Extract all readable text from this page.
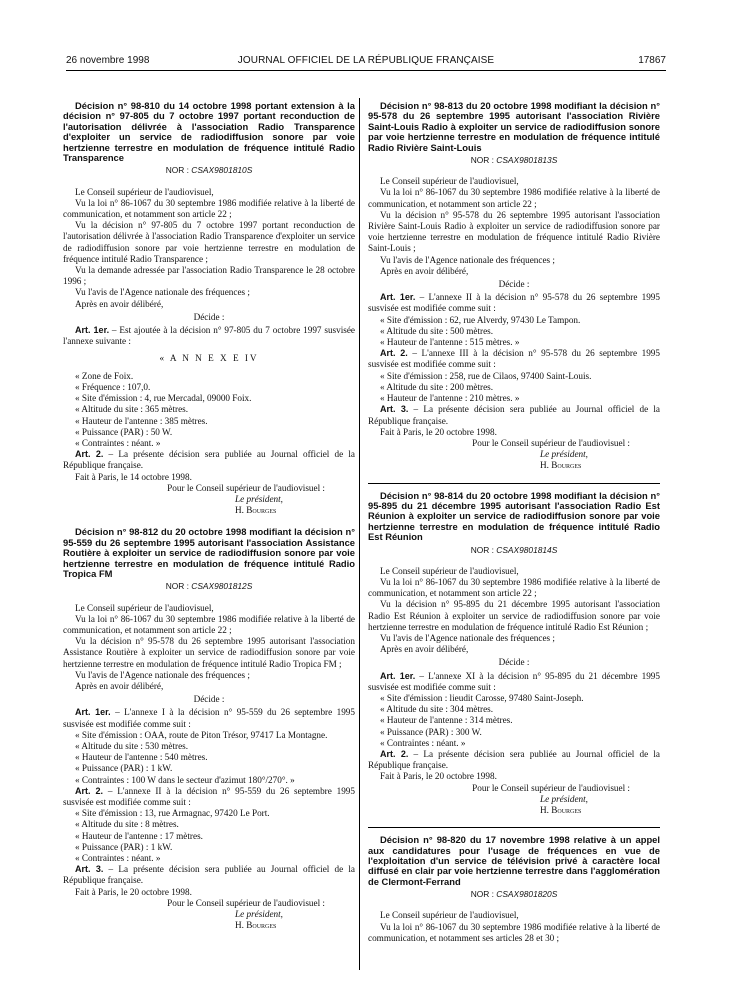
JOURNAL OFFICIEL DE LA RÉPUBLIQUE FRANÇAISE
26 novembre 1998	17867

Décision n° 98-810 du 14 octobre 1998 portant extension à la décision n° 97-805 du 7 octobre 1997 portant reconduction de l'autorisation délivrée à l'association Radio Transparence d'exploiter un service de radiodiffusion sonore par voie hertzienne terrestre en modulation de fréquence intitulé Radio Transparence

NOR : CSAX9801810S

Le Conseil supérieur de l'audiovisuel,

Vu la loi n° 86-1067 du 30 septembre 1986 modifiée relative à la liberté de communication, et notamment son article 22 ;

Vu la décision n° 97-805 du 7 octobre 1997 portant reconduction de l'autorisation délivrée à l'association Radio Transparence d'exploiter un service de radiodiffusion sonore par voie hertzienne terrestre en modulation de fréquence intitulé Radio Transparence ;

Vu la demande adressée par l'association Radio Transparence le 28 octobre 1996 ;

Vu l'avis de l'Agence nationale des fréquences ;

Après en avoir délibéré,

Décide :

Art. 1er. – Est ajoutée à la décision n° 97-805 du 7 octobre 1997 susvisée l'annexe suivante :

« A N N E X E IV

« Zone de Foix.

« Fréquence : 107,0.

« Site d'émission : 4, rue Mercadal, 09000 Foix.

« Altitude du site : 365 mètres.

« Hauteur de l'antenne : 385 mètres.

« Puissance (PAR) : 50 W.

« Contraintes : néant. »

Art. 2. – La présente décision sera publiée au Journal officiel de la République française.

Fait à Paris, le 14 octobre 1998.

Pour le Conseil supérieur de l'audiovisuel :

Le président,

H. Bourges

Décision n° 98-812 du 20 octobre 1998 modifiant la décision n° 95-559 du 26 septembre 1995 autorisant l'association Assistance Routière à exploiter un service de radiodiffusion sonore par voie hertzienne terrestre en modulation de fréquence intitulé Radio Tropica FM

NOR : CSAX9801812S

Le Conseil supérieur de l'audiovisuel,

Vu la loi n° 86-1067 du 30 septembre 1986 modifiée relative à la liberté de communication, et notamment son article 22 ;

Vu la décision n° 95-578 du 26 septembre 1995 autorisant l'association Assistance Routière à exploiter un service de radiodiffusion sonore par voie hertzienne terrestre en modulation de fréquence intitulé Radio Tropica FM ;

Vu l'avis de l'Agence nationale des fréquences ;

Après en avoir délibéré,

Décide :

Art. 1er. – L'annexe I à la décision n° 95-559 du 26 septembre 1995 susvisée est modifiée comme suit :

« Site d'émission : OAA, route de Piton Trésor, 97417 La Montagne.

« Altitude du site : 530 mètres.

« Hauteur de l'antenne : 540 mètres.

« Puissance (PAR) : 1 kW.

« Contraintes : 100 W dans le secteur d'azimut 180°/270°. »

Art. 2. – L'annexe II à la décision n° 95-559 du 26 septembre 1995 susvisée est modifiée comme suit :

« Site d'émission : 13, rue Armagnac, 97420 Le Port.

« Altitude du site : 8 mètres.

« Hauteur de l'antenne : 17 mètres.

« Puissance (PAR) : 1 kW.

« Contraintes : néant. »

Art. 3. – La présente décision sera publiée au Journal officiel de la République française.

Fait à Paris, le 20 octobre 1998.

Pour le Conseil supérieur de l'audiovisuel :

Le président,

H. Bourges

Décision n° 98-813 du 20 octobre 1998 modifiant la décision n° 95-578 du 26 septembre 1995 autorisant l'association Rivière Saint-Louis Radio à exploiter un service de radiodiffusion sonore par voie hertzienne terrestre en modulation de fréquence intitulé Radio Rivière Saint-Louis

NOR : CSAX9801813S

Le Conseil supérieur de l'audiovisuel,

Vu la loi n° 86-1067 du 30 septembre 1986 modifiée relative à la liberté de communication, et notamment son article 22 ;

Vu la décision n° 95-578 du 26 septembre 1995 autorisant l'association Rivière Saint-Louis Radio à exploiter un service de radiodiffusion sonore par voie hertzienne terrestre en modulation de fréquence intitulé Radio Rivière Saint-Louis ;

Vu l'avis de l'Agence nationale des fréquences ;

Après en avoir délibéré,

Décide :

Art. 1er. – L'annexe II à la décision n° 95-578 du 26 septembre 1995 susvisée est modifiée comme suit :

« Site d'émission : 62, rue Alverdy, 97430 Le Tampon.

« Altitude du site : 500 mètres.

« Hauteur de l'antenne : 515 mètres. »

Art. 2. – L'annexe III à la décision n° 95-578 du 26 septembre 1995 susvisée est modifiée comme suit :

« Site d'émission : 258, rue de Cilaos, 97400 Saint-Louis.

« Altitude du site : 200 mètres.

« Hauteur de l'antenne : 210 mètres. »

Art. 3. – La présente décision sera publiée au Journal officiel de la République française.

Fait à Paris, le 20 octobre 1998.

Pour le Conseil supérieur de l'audiovisuel :

Le président,

H. Bourges

Décision n° 98-814 du 20 octobre 1998 modifiant la décision n° 95-895 du 21 décembre 1995 autorisant l'association Radio Est Réunion à exploiter un service de radiodiffusion sonore par voie hertzienne terrestre en modulation de fréquence intitulé Radio Est Réunion

NOR : CSAX9801814S

Le Conseil supérieur de l'audiovisuel,

Vu la loi n° 86-1067 du 30 septembre 1986 modifiée relative à la liberté de communication, et notamment son article 22 ;

Vu la décision n° 95-895 du 21 décembre 1995 autorisant l'association Radio Est Réunion à exploiter un service de radiodiffusion sonore par voie hertzienne terrestre en modulation de fréquence intitulé Radio Est Réunion ;

Vu l'avis de l'Agence nationale des fréquences ;

Après en avoir délibéré,

Décide :

Art. 1er. – L'annexe XI à la décision n° 95-895 du 21 décembre 1995 susvisée est modifiée comme suit :

« Site d'émission : lieudit Carosse, 97480 Saint-Joseph.

« Altitude du site : 304 mètres.

« Hauteur de l'antenne : 314 mètres.

« Puissance (PAR) : 300 W.

« Contraintes : néant. »

Art. 2. – La présente décision sera publiée au Journal officiel de la République française.

Fait à Paris, le 20 octobre 1998.

Pour le Conseil supérieur de l'audiovisuel :

Le président,

H. Bourges

Décision n° 98-820 du 17 novembre 1998 relative à un appel aux candidatures pour l'usage de fréquences en vue de l'exploitation d'un service de télévision privé à caractère local diffusé en clair par voie hertzienne terrestre dans l'agglomération de Clermont-Ferrand

NOR : CSAX9801820S

Le Conseil supérieur de l'audiovisuel,

Vu la loi n° 86-1067 du 30 septembre 1986 modifiée relative à la liberté de communication, et notamment ses articles 28 et 30 ;
